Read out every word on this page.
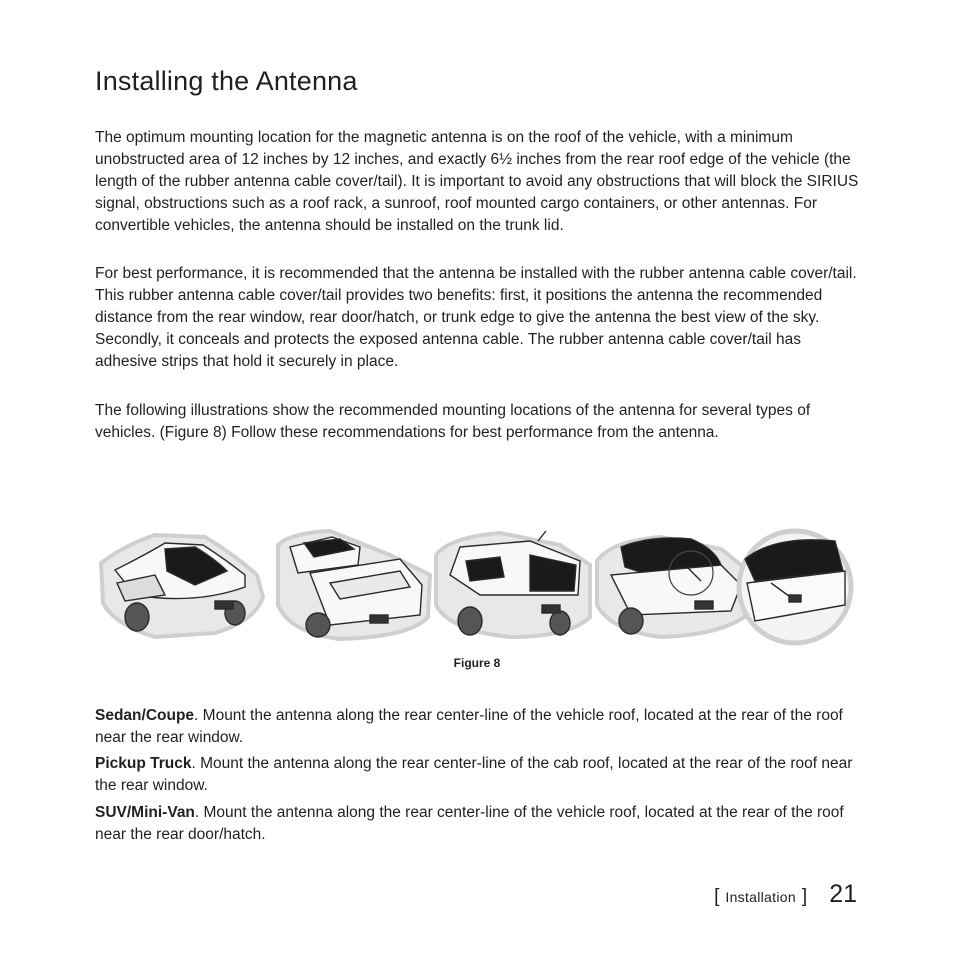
Installing the Antenna

The optimum mounting location for the magnetic antenna is on the roof of the vehicle, with a minimum unobstructed area of 12 inches by 12 inches, and exactly 6½ inches from the rear roof edge of the vehicle (the length of the rubber antenna cable cover/tail). It is important to avoid any obstructions that will block the SIRIUS signal, obstructions such as a roof rack, a sunroof, roof mounted cargo containers, or other antennas. For convertible vehicles, the antenna should be installed on the trunk lid.

For best performance, it is recommended that the antenna be installed with the rubber antenna cable cover/tail. This rubber antenna cable cover/tail provides two benefits: first, it positions the antenna the recommended distance from the rear window, rear door/hatch, or trunk edge to give the antenna the best view of the sky. Secondly, it conceals and protects the exposed antenna cable. The rubber antenna cable cover/tail has adhesive strips that hold it securely in place.

The following illustrations show the recommended mounting locations of the antenna for several types of vehicles. (Figure 8) Follow these recommendations for best performance from the antenna.

Figure 8

Sedan/Coupe. Mount the antenna along the rear center-line of the vehicle roof, located at the rear of the roof near the rear window.

Pickup Truck. Mount the antenna along the rear center-line of the cab roof, located at the rear of the roof near the rear window.

SUV/Mini-Van. Mount the antenna along the rear center-line of the vehicle roof, located at the rear of the roof near the rear door/hatch.

[ Installation ] 21
